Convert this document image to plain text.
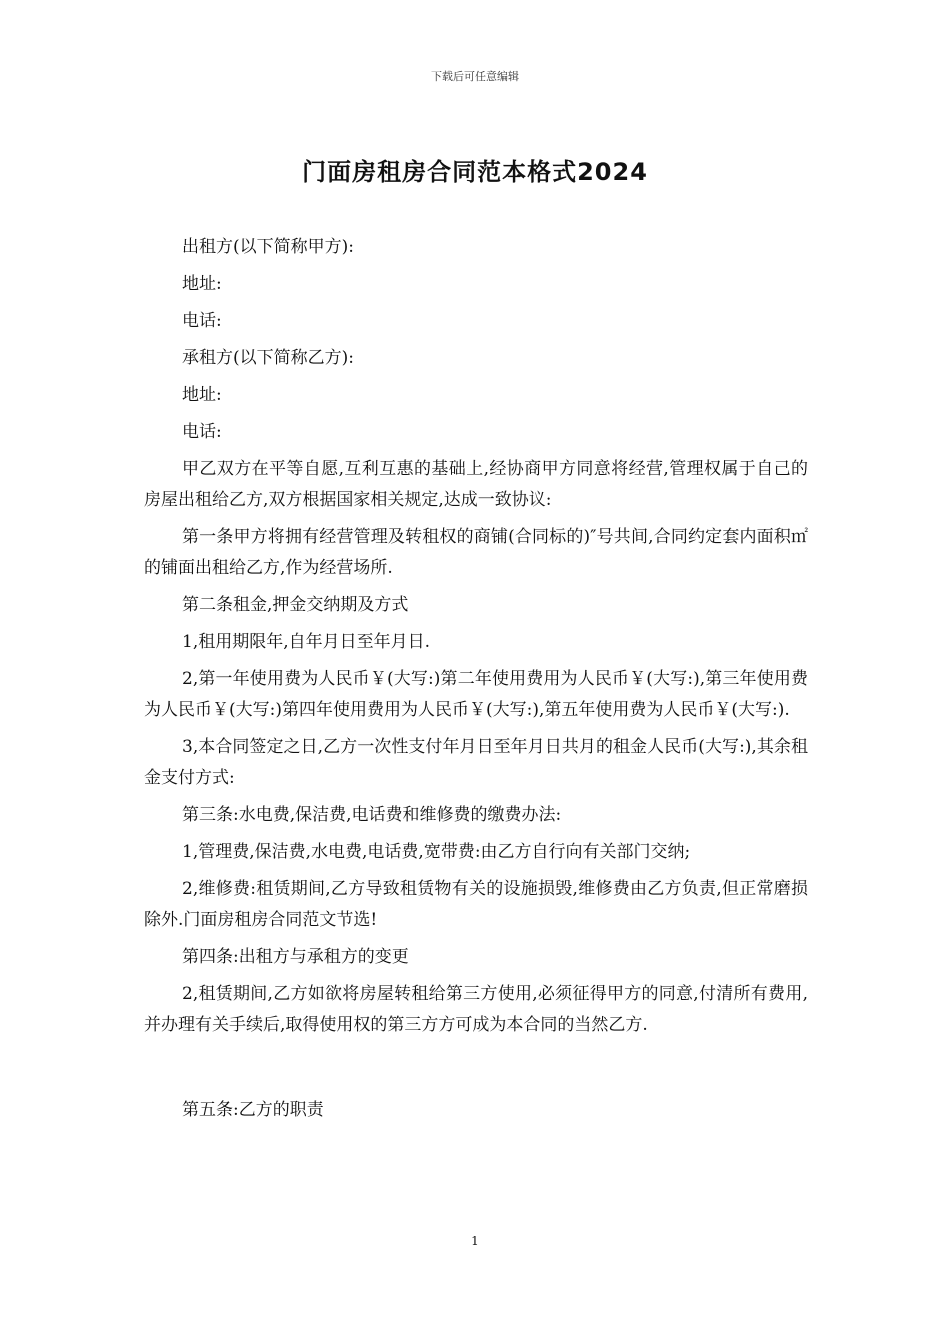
下载后可任意编辑
门面房租房合同范本格式2024

出租方(以下简称甲方):

地址:

电话:

承租方(以下简称乙方):

地址:

电话:

甲乙双方在平等自愿,互利互惠的基础上,经协商甲方同意将经营,管理权属于自己的房屋出租给乙方,双方根据国家相关规定,达成一致协议:

第一条甲方将拥有经营管理及转租权的商铺(合同标的)″号共间,合同约定套内面积㎡的铺面出租给乙方,作为经营场所.

第二条租金,押金交纳期及方式

1,租用期限年,自年月日至年月日.

2,第一年使用费为人民币￥(大写:)第二年使用费用为人民币￥(大写:),第三年使用费为人民币￥(大写:)第四年使用费用为人民币￥(大写:),第五年使用费为人民币￥(大写:).

3,本合同签定之日,乙方一次性支付年月日至年月日共月的租金人民币(大写:),其余租金支付方式:

第三条:水电费,保洁费,电话费和维修费的缴费办法:

1,管理费,保洁费,水电费,电话费,宽带费:由乙方自行向有关部门交纳;

2,维修费:租赁期间,乙方导致租赁物有关的设施损毁,维修费由乙方负责,但正常磨损除外.门面房租房合同范文节选!

第四条:出租方与承租方的变更

2,租赁期间,乙方如欲将房屋转租给第三方使用,必须征得甲方的同意,付清所有费用,并办理有关手续后,取得使用权的第三方方可成为本合同的当然乙方.

第五条:乙方的职责

1
